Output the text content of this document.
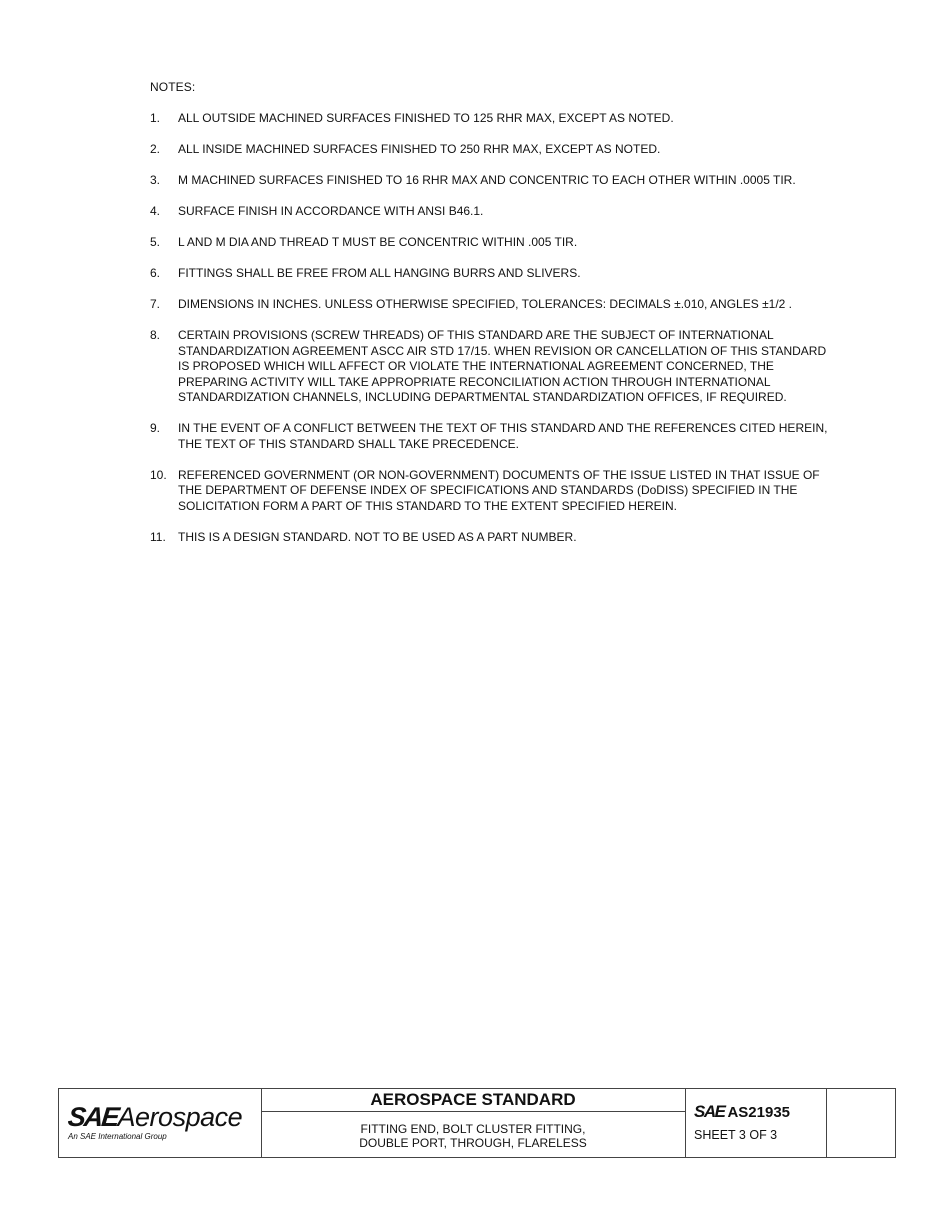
NOTES:
1.	ALL OUTSIDE MACHINED SURFACES FINISHED TO 125 RHR MAX, EXCEPT AS NOTED.
2.	ALL INSIDE MACHINED SURFACES FINISHED TO 250 RHR MAX, EXCEPT AS NOTED.
3.	M MACHINED SURFACES FINISHED TO 16 RHR MAX AND CONCENTRIC TO EACH OTHER WITHIN .0005 TIR.
4.	SURFACE FINISH IN ACCORDANCE WITH ANSI B46.1.
5.	L AND M DIA AND THREAD T MUST BE CONCENTRIC WITHIN .005 TIR.
6.	FITTINGS SHALL BE FREE FROM ALL HANGING BURRS AND SLIVERS.
7.	DIMENSIONS IN INCHES. UNLESS OTHERWISE SPECIFIED, TOLERANCES: DECIMALS ±.010, ANGLES ±1/2 .
8.	CERTAIN PROVISIONS (SCREW THREADS) OF THIS STANDARD ARE THE SUBJECT OF INTERNATIONAL STANDARDIZATION AGREEMENT ASCC AIR STD 17/15. WHEN REVISION OR CANCELLATION OF THIS STANDARD IS PROPOSED WHICH WILL AFFECT OR VIOLATE THE INTERNATIONAL AGREEMENT CONCERNED, THE PREPARING ACTIVITY WILL TAKE APPROPRIATE RECONCILIATION ACTION THROUGH INTERNATIONAL STANDARDIZATION CHANNELS, INCLUDING DEPARTMENTAL STANDARDIZATION OFFICES, IF REQUIRED.
9.	IN THE EVENT OF A CONFLICT BETWEEN THE TEXT OF THIS STANDARD AND THE REFERENCES CITED HEREIN, THE TEXT OF THIS STANDARD SHALL TAKE PRECEDENCE.
10. REFERENCED GOVERNMENT (OR NON-GOVERNMENT) DOCUMENTS OF THE ISSUE LISTED IN THAT ISSUE OF THE DEPARTMENT OF DEFENSE INDEX OF SPECIFICATIONS AND STANDARDS (DoDISS) SPECIFIED IN THE SOLICITATION FORM A PART OF THIS STANDARD TO THE EXTENT SPECIFIED HEREIN.
11.	THIS IS A DESIGN STANDARD. NOT TO BE USED AS A PART NUMBER.
SAEAerospace
An SAE International Group
AEROSPACE STANDARD
FITTING END, BOLT CLUSTER FITTING,
DOUBLE PORT, THROUGH, FLARELESS
SAE AS21935
SHEET 3 OF 3
